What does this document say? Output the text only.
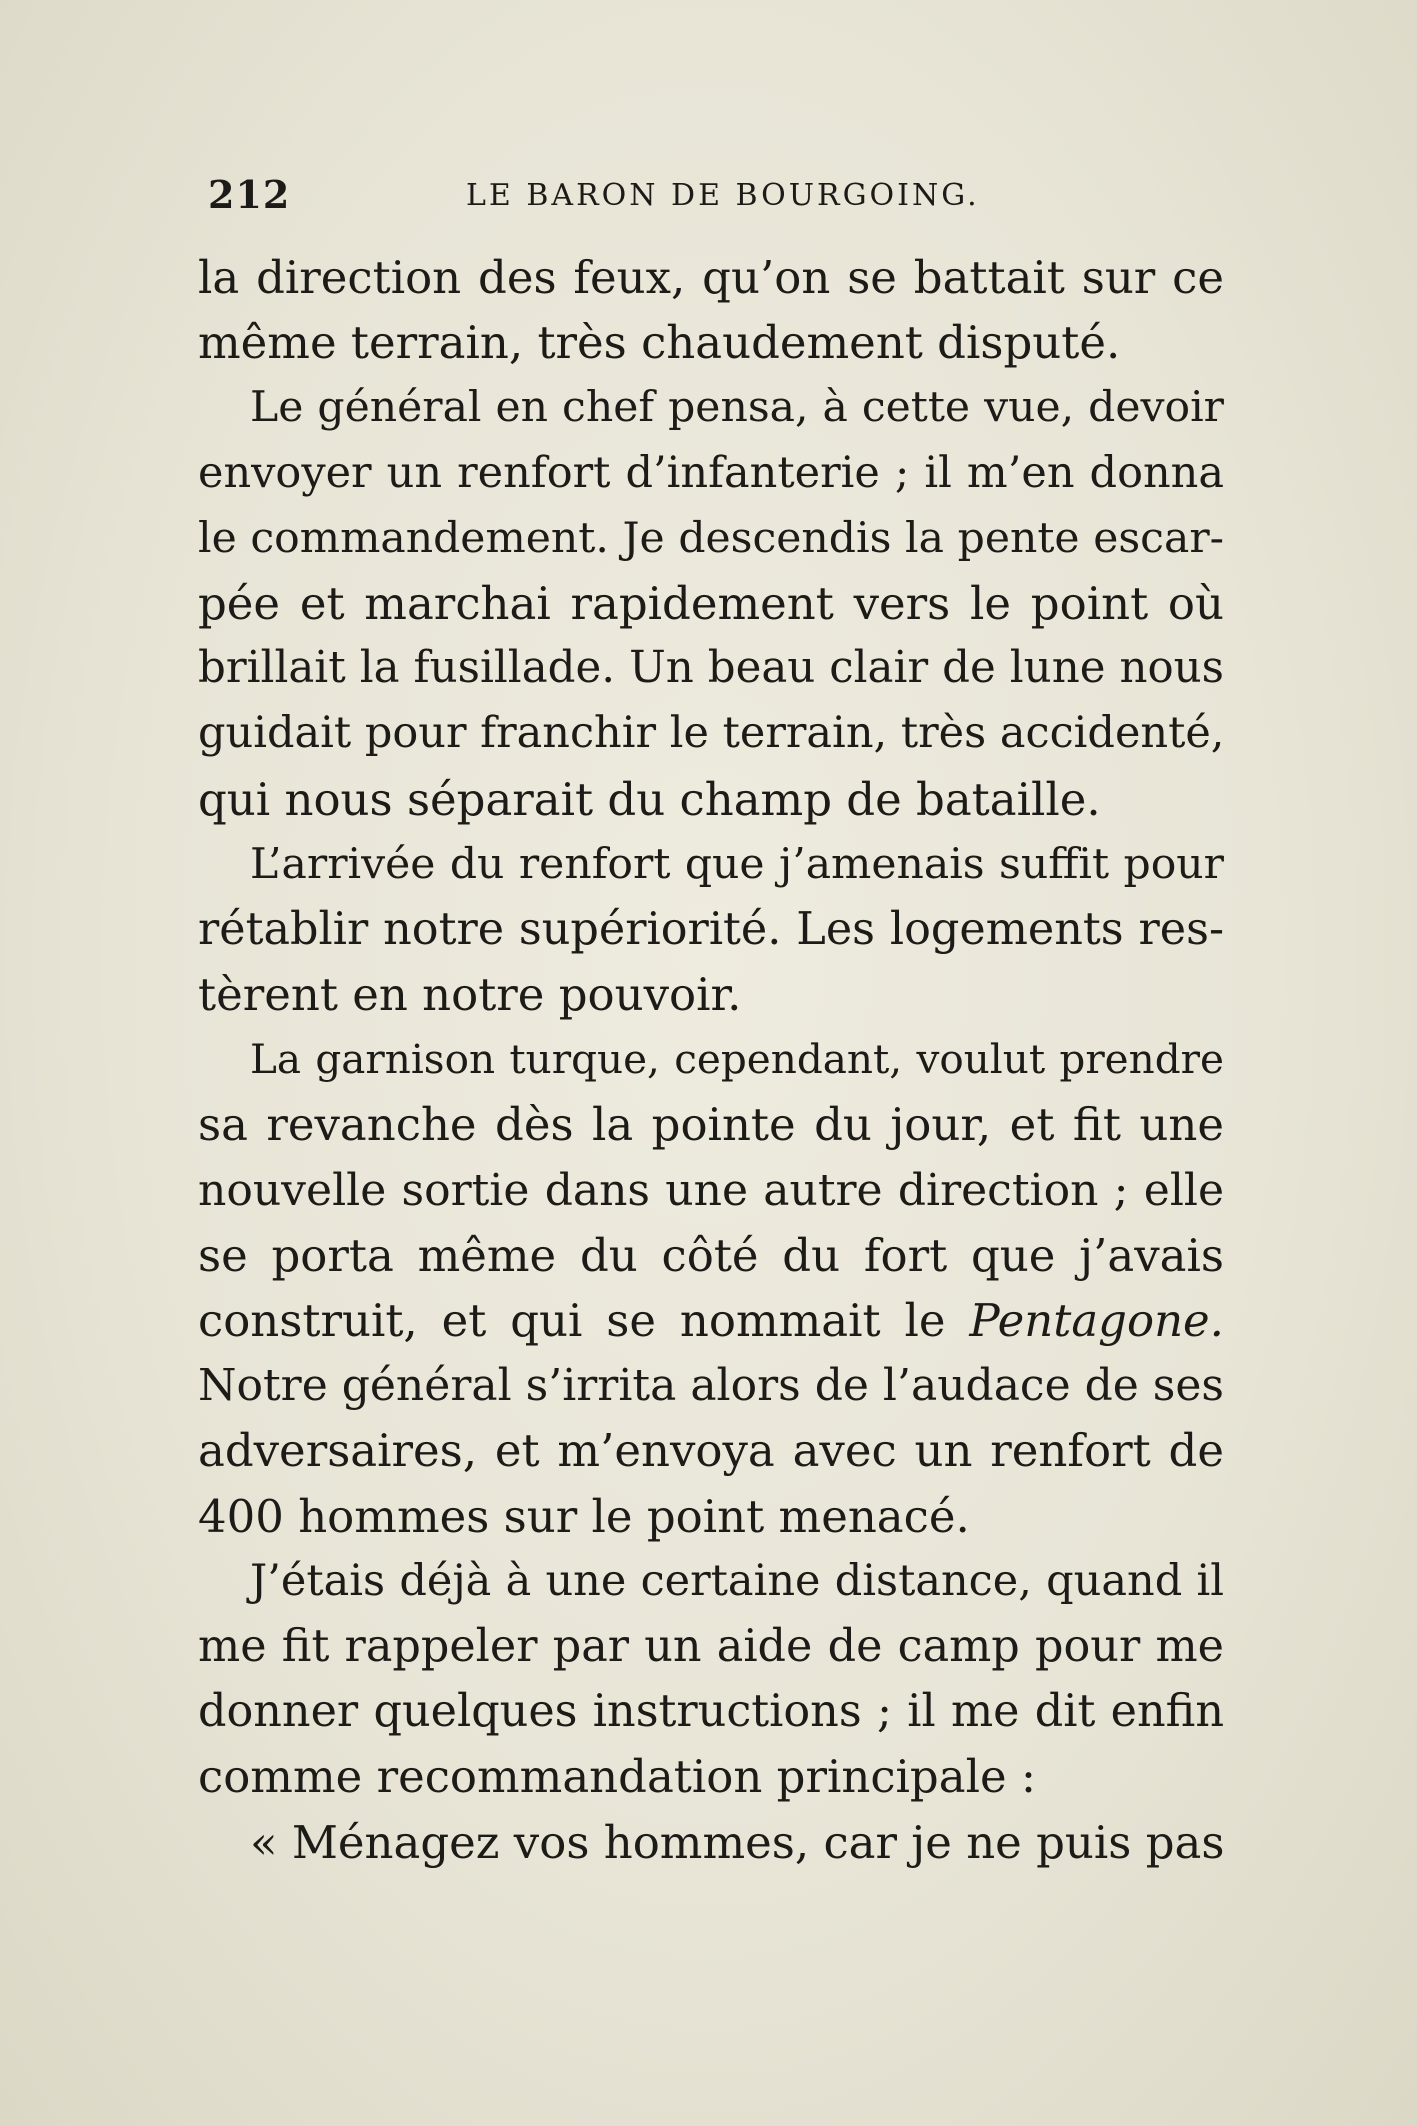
212	LE BARON DE BOURGOING.
la direction des feux, qu’on se battait sur ce
même terrain, très chaudement disputé.
Le général en chef pensa, à cette vue, devoir
envoyer un renfort d’infanterie ; il m’en donna
le commandement. Je descendis la pente escar-
pée et marchai rapidement vers le point où
brillait la fusillade. Un beau clair de lune nous
guidait pour franchir le terrain, très accidenté,
qui nous séparait du champ de bataille.
L’arrivée du renfort que j’amenais suffit pour
rétablir notre supériorité. Les logements res-
tèrent en notre pouvoir.
La garnison turque, cependant, voulut prendre
sa revanche dès la pointe du jour, et fit une
nouvelle sortie dans une autre direction ; elle
se porta même du côté du fort que j’avais
construit, et qui se nommait le Pentagone.
Notre général s’irrita alors de l’audace de ses
adversaires, et m’envoya avec un renfort de
400 hommes sur le point menacé.
J’étais déjà à une certaine distance, quand il
me fit rappeler par un aide de camp pour me
donner quelques instructions ; il me dit enfin
comme recommandation principale :
« Ménagez vos hommes, car je ne puis pas
